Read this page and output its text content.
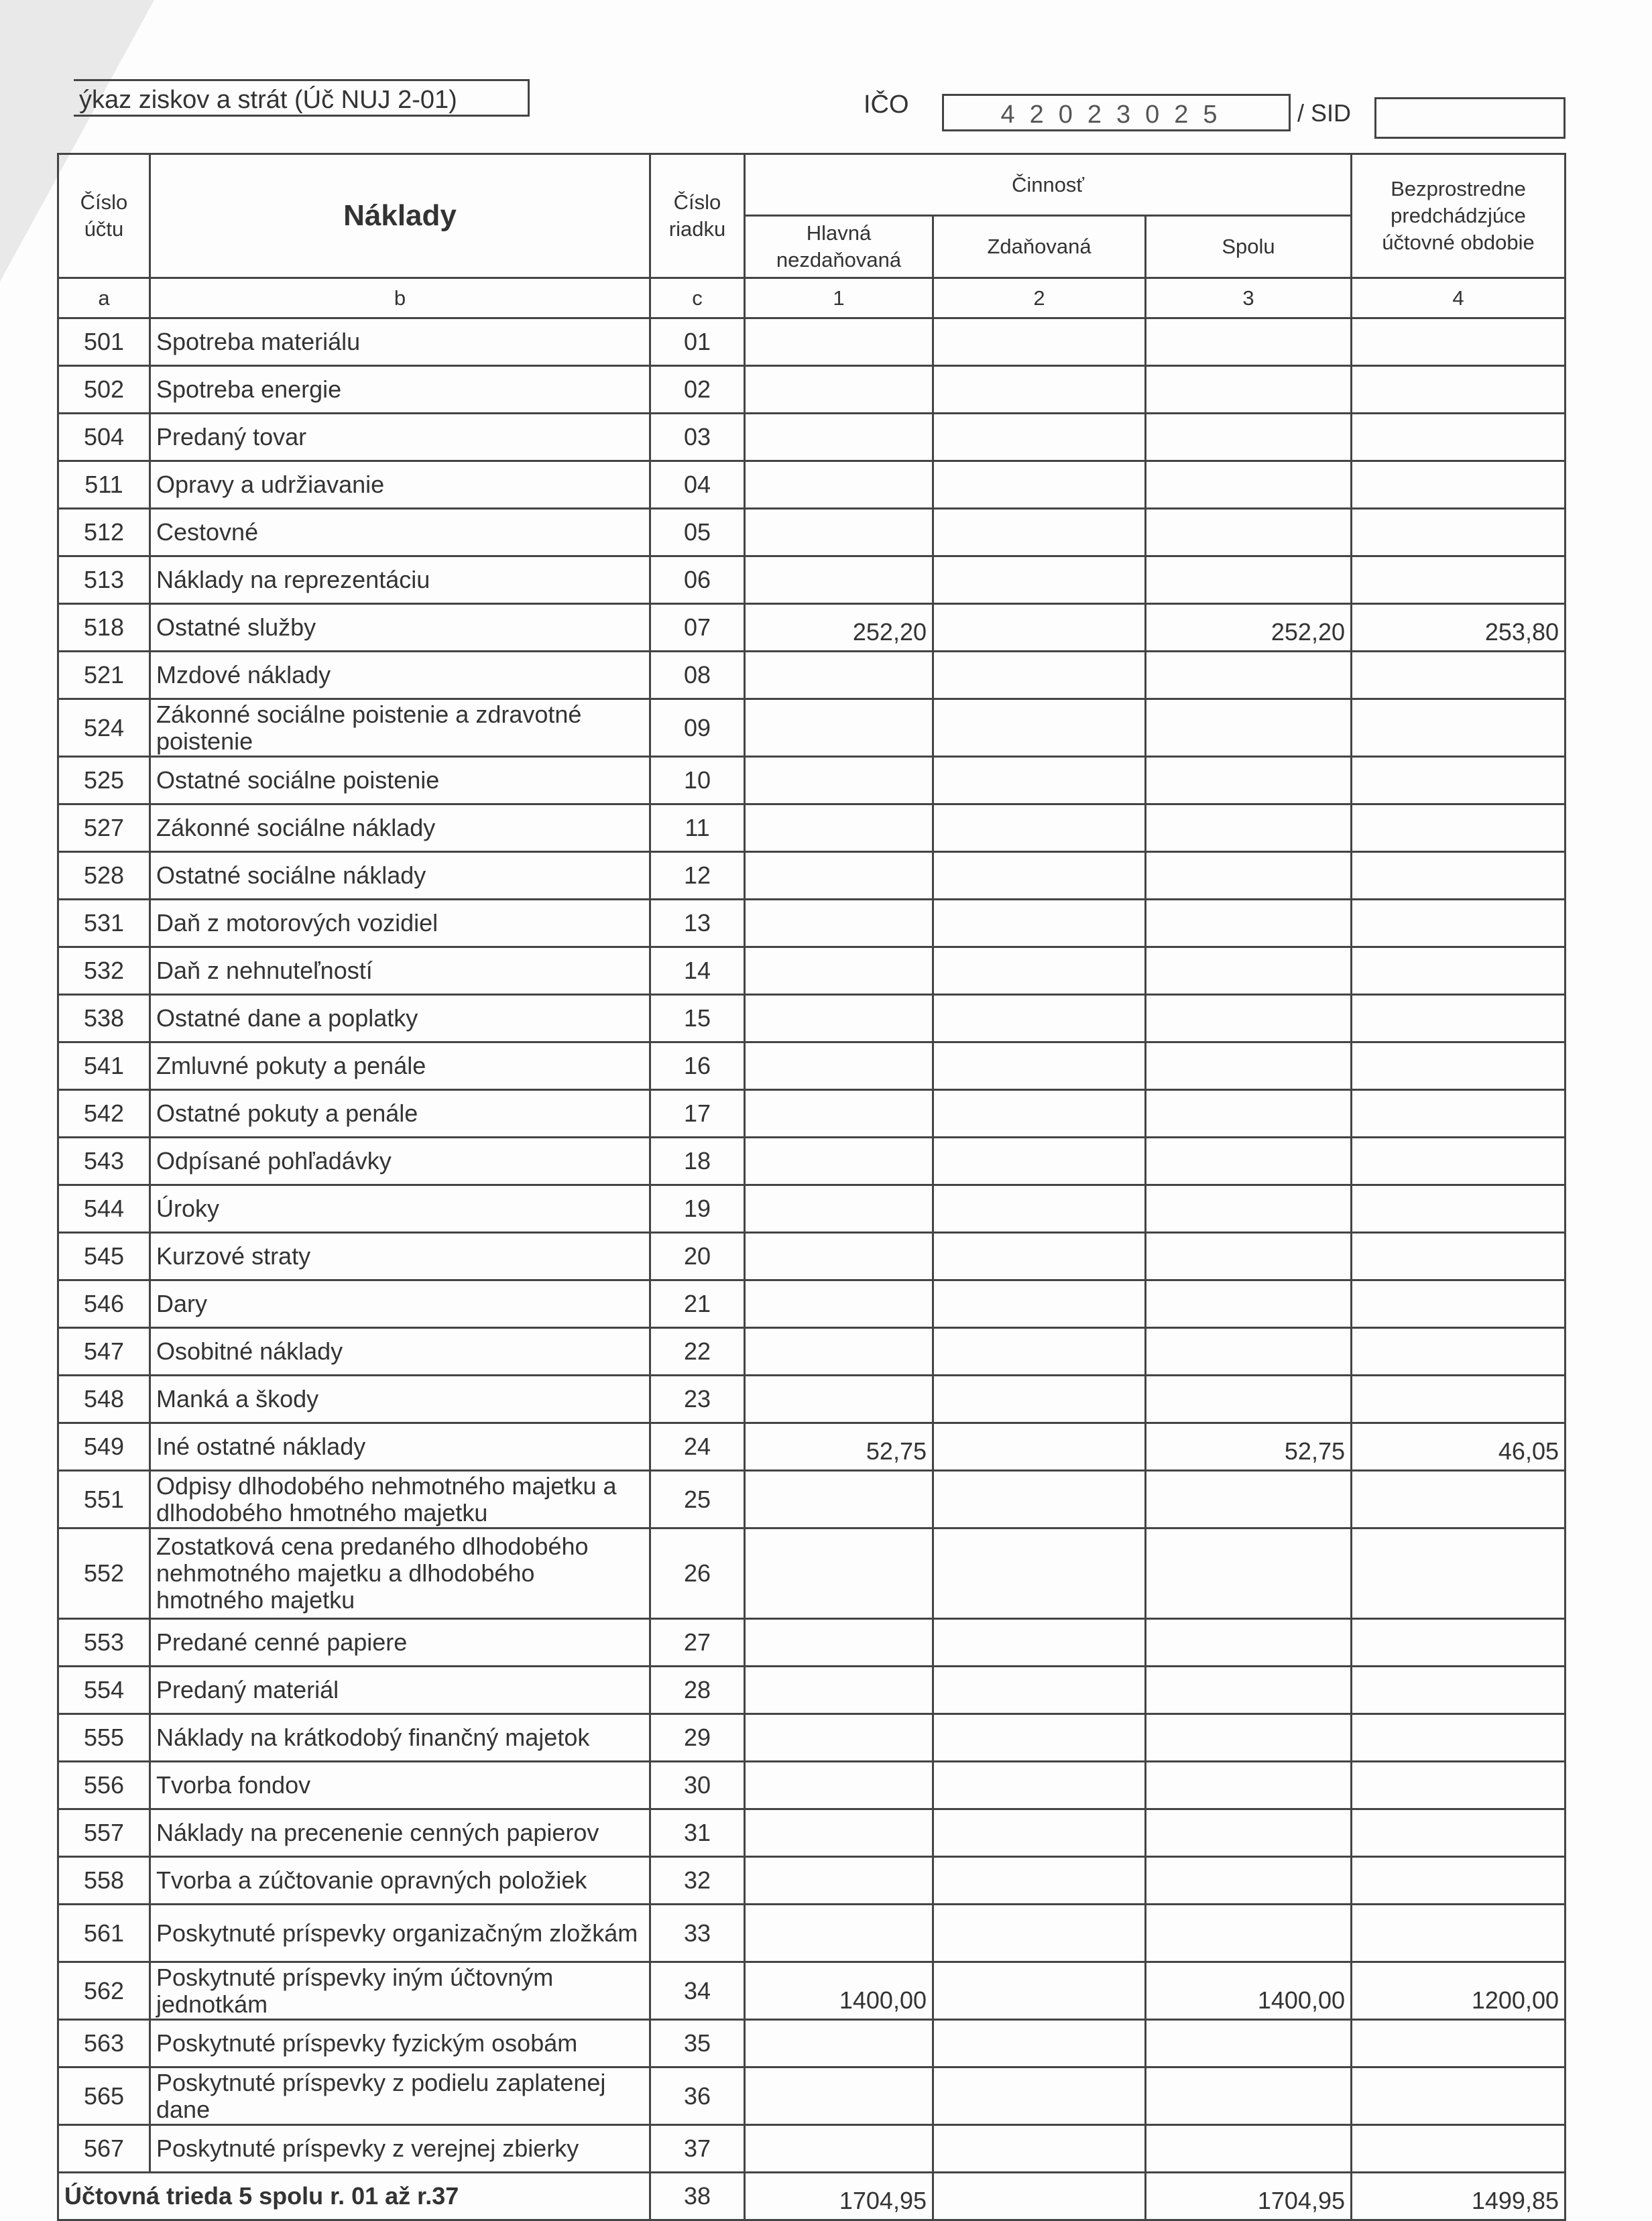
ýkaz ziskov a strát (Úč NUJ 2-01)	IČO	42023025	/ SID
Číslo účtu	Náklady	Číslo riadku	Činnosť			Bezprostredne predchádzjúce účtovné obdobie
			Hlavná nezdaňovaná	Zdaňovaná	Spolu	
a	b	c	1	2	3	4
501	Spotreba materiálu	01				
502	Spotreba energie	02				
504	Predaný tovar	03				
511	Opravy a udržiavanie	04				
512	Cestovné	05				
513	Náklady na reprezentáciu	06				
518	Ostatné služby	07	252,20		252,20	253,80
521	Mzdové náklady	08				
524	Zákonné sociálne poistenie a zdravotné poistenie	09				
525	Ostatné sociálne poistenie	10				
527	Zákonné sociálne náklady	11				
528	Ostatné sociálne náklady	12				
531	Daň z motorových vozidiel	13				
532	Daň z nehnuteľností	14				
538	Ostatné dane a poplatky	15				
541	Zmluvné pokuty a penále	16				
542	Ostatné pokuty a penále	17				
543	Odpísané pohľadávky	18				
544	Úroky	19				
545	Kurzové straty	20				
546	Dary	21				
547	Osobitné náklady	22				
548	Manká a škody	23				
549	Iné ostatné náklady	24	52,75		52,75	46,05
551	Odpisy dlhodobého nehmotného majetku a dlhodobého hmotného majetku	25				
552	Zostatková cena predaného dlhodobého nehmotného majetku a dlhodobého hmotného majetku	26				
553	Predané cenné papiere	27				
554	Predaný materiál	28				
555	Náklady na krátkodobý finančný majetok	29				
556	Tvorba fondov	30				
557	Náklady na precenenie cenných papierov	31				
558	Tvorba a zúčtovanie opravných položiek	32				
561	Poskytnuté príspevky organizačným zložkám	33				
562	Poskytnuté príspevky iným účtovným jednotkám	34	1400,00		1400,00	1200,00
563	Poskytnuté príspevky fyzickým osobám	35				
565	Poskytnuté príspevky z podielu zaplatenej dane	36				
567	Poskytnuté príspevky z verejnej zbierky	37				
Účtovná trieda 5 spolu r. 01 až r.37		38	1704,95		1704,95	1499,85
